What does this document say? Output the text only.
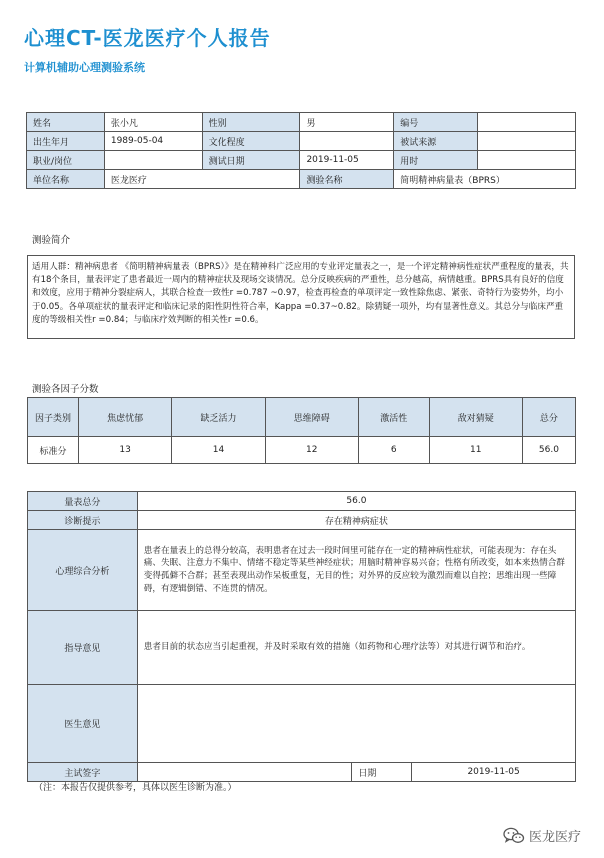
心理CT-医龙医疗个人报告
计算机辅助心理测验系统
姓名	张小凡	性别	男	编号	
出生年月	1989-05-04	文化程度		被试来源	
职业/岗位		测试日期	2019-11-05	用时	
单位名称	医龙医疗		测验名称	简明精神病量表（BPRS）	
测验简介
适用人群：精神病患者 《简明精神病量表（BPRS）》是在精神科广泛应用的专业评定量表之一，是一个评定精神病性症状严重程度的量表，共有18个条目，量表评定了患者最近一周内的精神症状及现场交谈情况。总分反映疾病的严重性，总分越高，病情越重。BPRS具有良好的信度和效度，应用于精神分裂症病人，其联合检查一致性r =0.787 ~0.97，检查再检查的单项评定一致性除焦虑、紧张、奇特行为姿势外，均小于0.05。各单项症状的量表评定和临床记录的阳性阴性符合率，Kappa =0.37~0.82。除猜疑一项外，均有显著性意义。其总分与临床严重度的等级相关性r =0.84；与临床疗效判断的相关性r =0.6。
测验各因子分数
因子类别	焦虑忧郁	缺乏活力	思维障碍	激活性	敌对猜疑	总分
标准分	13	14	12	6	11	56.0
量表总分	56.0		
诊断提示	存在精神病症状		
心理综合分析	患者在量表上的总得分较高，表明患者在过去一段时间里可能存在一定的精神病性症状，可能表现为：存在头痛、失眠、注意力不集中、情绪不稳定等某些神经症状；用脑时精神容易兴奋；性格有所改变，如本来热情合群变得孤僻不合群；甚至表现出动作呆板重复，无目的性；对外界的反应较为激烈而难以自控；思维出现一些障碍，有逻辑倒错、不连贯的情况。		
指导意见	患者目前的状态应当引起重视，并及时采取有效的措施（如药物和心理疗法等）对其进行调节和治疗。		
医生意见			
主试签字		日期	2019-11-05
（注：本报告仅提供参考，具体以医生诊断为准。）
医龙医疗
